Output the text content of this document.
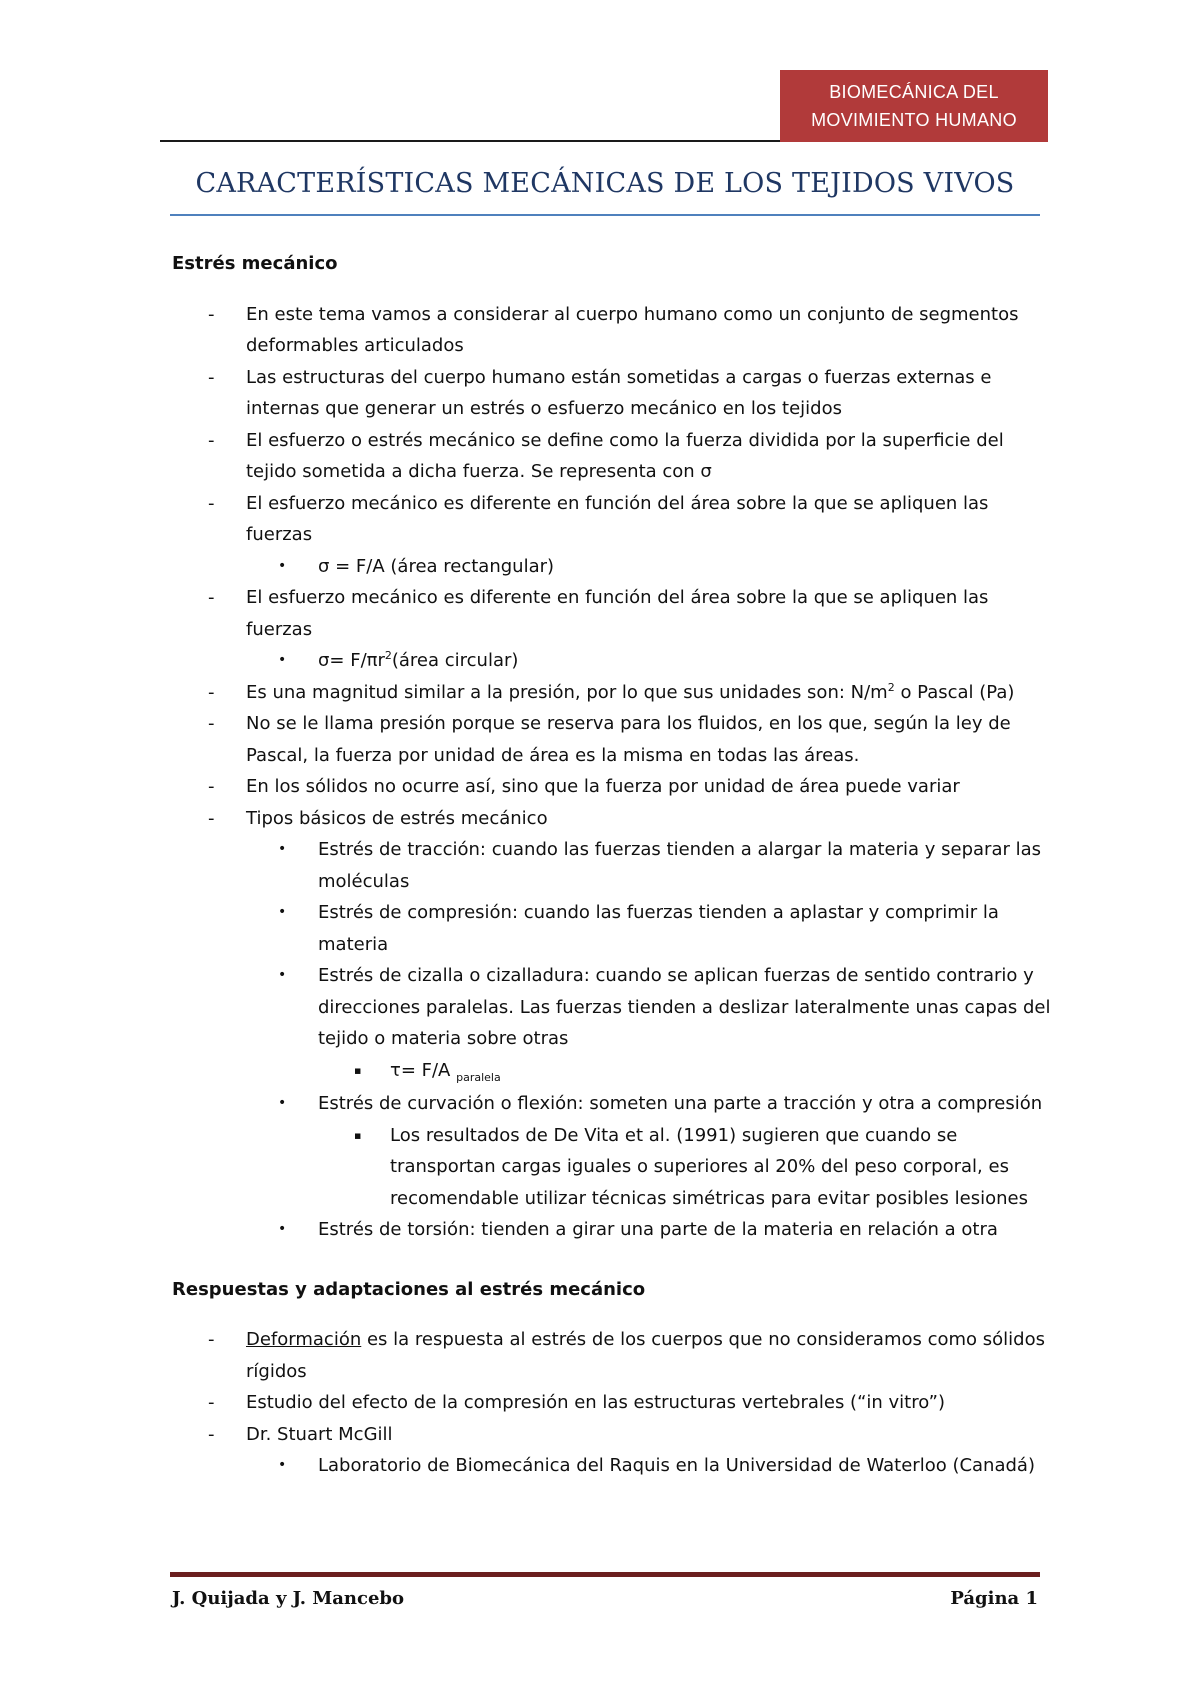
BIOMECÁNICA DEL
MOVIMIENTO HUMANO
CARACTERÍSTICAS MECÁNICAS DE LOS TEJIDOS VIVOS
Estrés mecánico
- En este tema vamos a considerar al cuerpo humano como un conjunto de segmentos deformables articulados
- Las estructuras del cuerpo humano están sometidas a cargas o fuerzas externas e internas que generar un estrés o esfuerzo mecánico en los tejidos
- El esfuerzo o estrés mecánico se define como la fuerza dividida por la superficie del tejido sometida a dicha fuerza. Se representa con σ
- El esfuerzo mecánico es diferente en función del área sobre la que se apliquen las fuerzas
• σ = F/A (área rectangular)
- El esfuerzo mecánico es diferente en función del área sobre la que se apliquen las fuerzas
• $\sigma= F/\pi r^2(área$ circular)
- Es una magnitud similar a la presión, por lo que sus unidades son: $N/m^2$ o Pascal (Pa)
- No se le llama presión porque se reserva para los fluidos, en los que, según la ley de Pascal, la fuerza por unidad de área es la misma en todas las áreas.
- En los sólidos no ocurre así, sino que la fuerza por unidad de área puede variar
- Tipos básicos de estrés mecánico
• Estrés de tracción: cuando las fuerzas tienden a alargar la materia y separar las moléculas
• Estrés de compresión: cuando las fuerzas tienden a aplastar y comprimir la materia
• Estrés de cizalla o cizalladura: cuando se aplican fuerzas de sentido contrario y direcciones paralelas. Las fuerzas tienden a deslizar lateralmente unas capas del tejido o materia sobre otras
▪ τ= F/A $_{paralela}$
• Estrés de curvación o flexión: someten una parte a tracción y otra a compresión
▪ Los resultados de De Vita et al. (1991) sugieren que cuando se transportan cargas iguales o superiores al 20% del peso corporal, es recomendable utilizar técnicas simétricas para evitar posibles lesiones
• Estrés de torsión: tienden a girar una parte de la materia en relación a otra
Respuestas y adaptaciones al estrés mecánico
- Deformación es la respuesta al estrés de los cuerpos que no consideramos como sólidos rígidos
- Estudio del efecto de la compresión en las estructuras vertebrales (“in vitro”)
- Dr. Stuart McGill
• Laboratorio de Biomecánica del Raquis en la Universidad de Waterloo (Canadá)
J. Quijada y J. Mancebo	Página 1
